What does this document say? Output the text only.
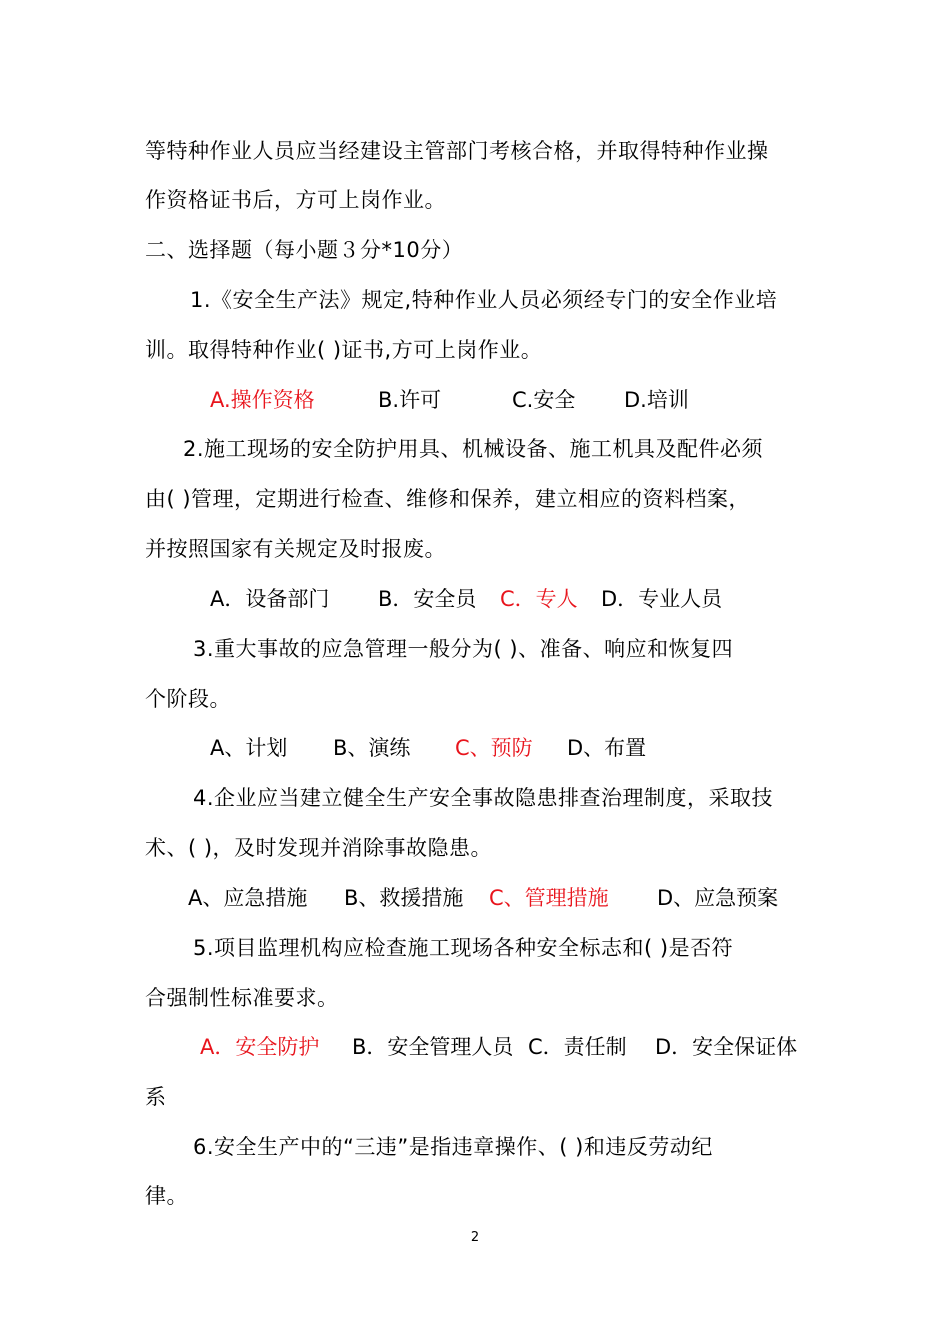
等特种作业人员应当经建设主管部门考核合格，并取得特种作业操
作资格证书后，方可上岗作业。
二、选择题（每小题３分*10分）
1.《安全生产法》规定,特种作业人员必须经专门的安全作业培
训。取得特种作业( )证书,方可上岗作业。
A.操作资格	B.许可	C.安全 D.培训
2.施工现场的安全防护用具、机械设备、施工机具及配件必须
由( )管理，定期进行检查、维修和保养，建立相应的资料档案，
并按照国家有关规定及时报废。
A．设备部门 B．安全员 C．专人 D．专业人员
3.重大事故的应急管理一般分为( )、准备、响应和恢复四
个阶段。
A、计划 B、演练 C、预防 D、布置
4.企业应当建立健全生产安全事故隐患排查治理制度，采取技
术、( )，及时发现并消除事故隐患。
A、应急措施 B、救援措施 C、管理措施 D、应急预案
5.项目监理机构应检查施工现场各种安全标志和( )是否符
合强制性标准要求。
A．安全防护 B．安全管理人员 C．责任制 D．安全保证体
系
6.安全生产中的“三违”是指违章操作、( )和违反劳动纪
律。
2
